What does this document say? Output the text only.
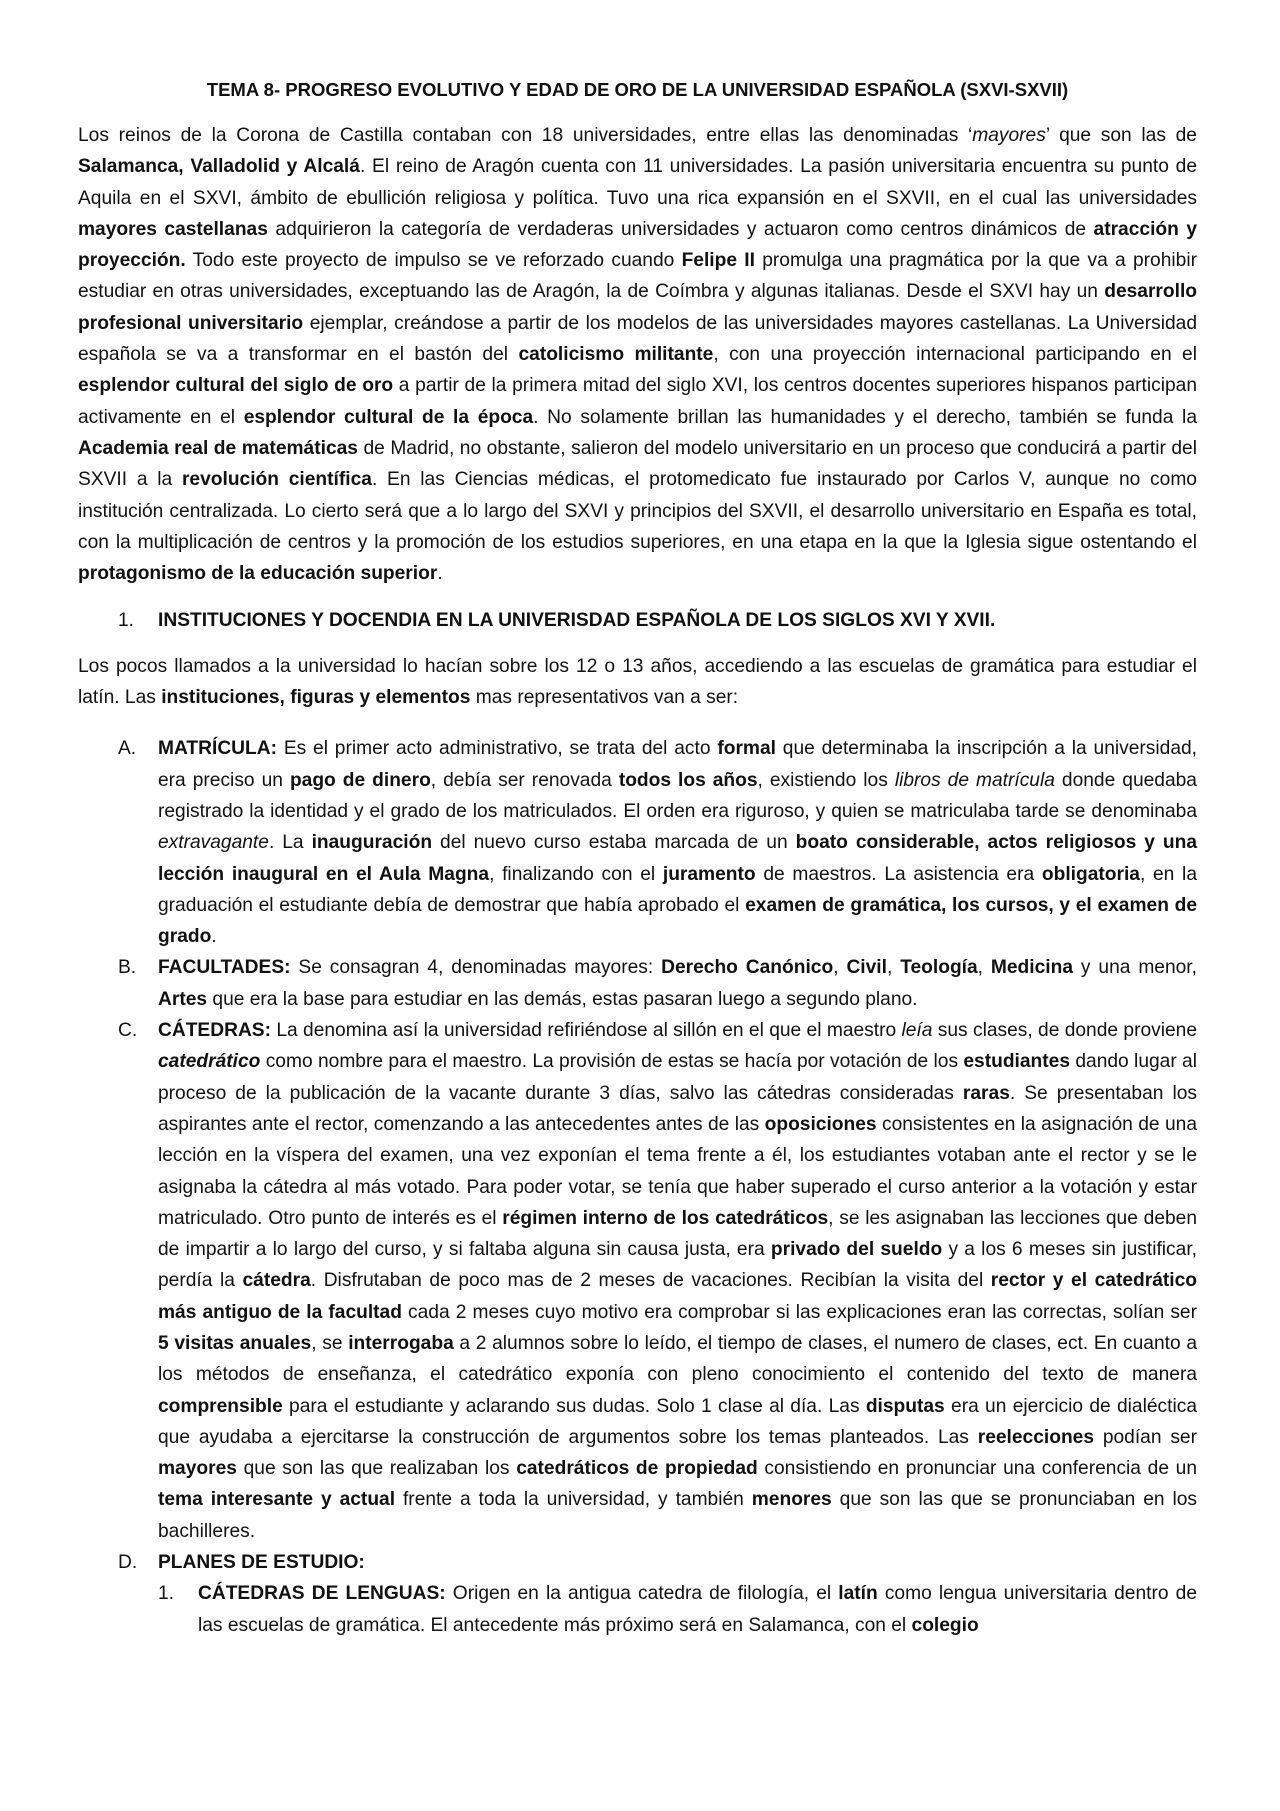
TEMA 8- PROGRESO EVOLUTIVO Y EDAD DE ORO DE LA UNIVERSIDAD ESPAÑOLA (SXVI-SXVII)

Los reinos de la Corona de Castilla contaban con 18 universidades, entre ellas las denominadas ‘mayores’ que son las de Salamanca, Valladolid y Alcalá. El reino de Aragón cuenta con 11 universidades. La pasión universitaria encuentra su punto de Aquila en el SXVI, ámbito de ebullición religiosa y política. Tuvo una rica expansión en el SXVII, en el cual las universidades mayores castellanas adquirieron la categoría de verdaderas universidades y actuaron como centros dinámicos de atracción y proyección. Todo este proyecto de impulso se ve reforzado cuando Felipe II promulga una pragmática por la que va a prohibir estudiar en otras universidades, exceptuando las de Aragón, la de Coímbra y algunas italianas. Desde el SXVI hay un desarrollo profesional universitario ejemplar, creándose a partir de los modelos de las universidades mayores castellanas. La Universidad española se va a transformar en el bastón del catolicismo militante, con una proyección internacional participando en el esplendor cultural del siglo de oro a partir de la primera mitad del siglo XVI, los centros docentes superiores hispanos participan activamente en el esplendor cultural de la época. No solamente brillan las humanidades y el derecho, también se funda la Academia real de matemáticas de Madrid, no obstante, salieron del modelo universitario en un proceso que conducirá a partir del SXVII a la revolución científica. En las Ciencias médicas, el protomedicato fue instaurado por Carlos V, aunque no como institución centralizada. Lo cierto será que a lo largo del SXVI y principios del SXVII, el desarrollo universitario en España es total, con la multiplicación de centros y la promoción de los estudios superiores, en una etapa en la que la Iglesia sigue ostentando el protagonismo de la educación superior.

1.	INSTITUCIONES Y DOCENDIA EN LA UNIVERISDAD ESPAÑOLA DE LOS SIGLOS XVI Y XVII.

Los pocos llamados a la universidad lo hacían sobre los 12 o 13 años, accediendo a las escuelas de gramática para estudiar el latín. Las instituciones, figuras y elementos mas representativos van a ser:

A.	MATRÍCULA: Es el primer acto administrativo, se trata del acto formal que determinaba la inscripción a la universidad, era preciso un pago de dinero, debía ser renovada todos los años, existiendo los libros de matrícula donde quedaba registrado la identidad y el grado de los matriculados. El orden era riguroso, y quien se matriculaba tarde se denominaba extravagante. La inauguración del nuevo curso estaba marcada de un boato considerable, actos religiosos y una lección inaugural en el Aula Magna, finalizando con el juramento de maestros. La asistencia era obligatoria, en la graduación el estudiante debía de demostrar que había aprobado el examen de gramática, los cursos, y el examen de grado.
B.	FACULTADES: Se consagran 4, denominadas mayores: Derecho Canónico, Civil, Teología, Medicina y una menor, Artes que era la base para estudiar en las demás, estas pasaran luego a segundo plano.
C.	CÁTEDRAS: La denomina así la universidad refiriéndose al sillón en el que el maestro leía sus clases, de donde proviene catedrático como nombre para el maestro. La provisión de estas se hacía por votación de los estudiantes dando lugar al proceso de la publicación de la vacante durante 3 días, salvo las cátedras consideradas raras. Se presentaban los aspirantes ante el rector, comenzando a las antecedentes antes de las oposiciones consistentes en la asignación de una lección en la víspera del examen, una vez exponían el tema frente a él, los estudiantes votaban ante el rector y se le asignaba la cátedra al más votado. Para poder votar, se tenía que haber superado el curso anterior a la votación y estar matriculado. Otro punto de interés es el régimen interno de los catedráticos, se les asignaban las lecciones que deben de impartir a lo largo del curso, y si faltaba alguna sin causa justa, era privado del sueldo y a los 6 meses sin justificar, perdía la cátedra. Disfrutaban de poco mas de 2 meses de vacaciones. Recibían la visita del rector y el catedrático más antiguo de la facultad cada 2 meses cuyo motivo era comprobar si las explicaciones eran las correctas, solían ser 5 visitas anuales, se interrogaba a 2 alumnos sobre lo leído, el tiempo de clases, el numero de clases, ect. En cuanto a los métodos de enseñanza, el catedrático exponía con pleno conocimiento el contenido del texto de manera comprensible para el estudiante y aclarando sus dudas. Solo 1 clase al día. Las disputas era un ejercicio de dialéctica que ayudaba a ejercitarse la construcción de argumentos sobre los temas planteados. Las reelecciones podían ser mayores que son las que realizaban los catedráticos de propiedad consistiendo en pronunciar una conferencia de un tema interesante y actual frente a toda la universidad, y también menores que son las que se pronunciaban en los bachilleres.
D.	PLANES DE ESTUDIO:
1.	CÁTEDRAS DE LENGUAS: Origen en la antigua catedra de filología, el latín como lengua universitaria dentro de las escuelas de gramática. El antecedente más próximo será en Salamanca, con el colegio
